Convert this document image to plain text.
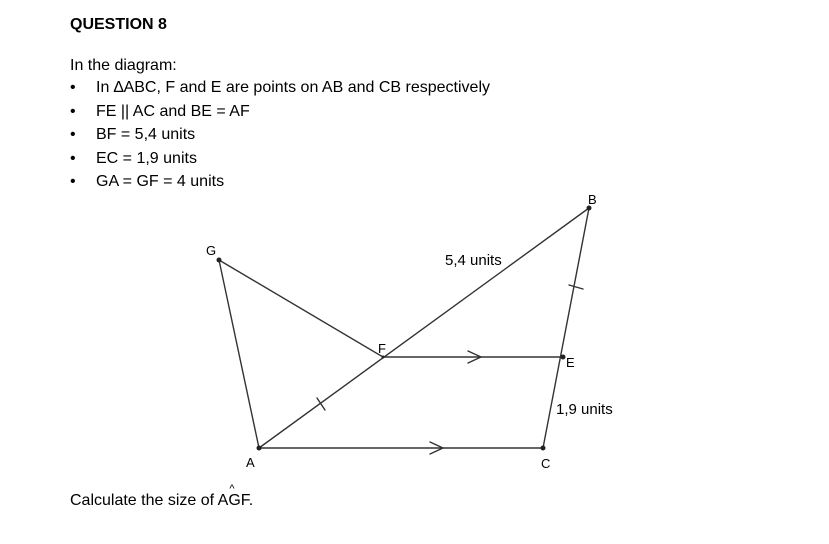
QUESTION 8
In the diagram:
• In ∆ABC, F and E are points on AB and CB respectively
• FE || AC and BE = AF
• BF = 5,4 units
• EC = 1,9 units
• GA = GF = 4 units
G
A
B
C
E
F
5,4 units
1,9 units
Calculate the size of A^ GF.
